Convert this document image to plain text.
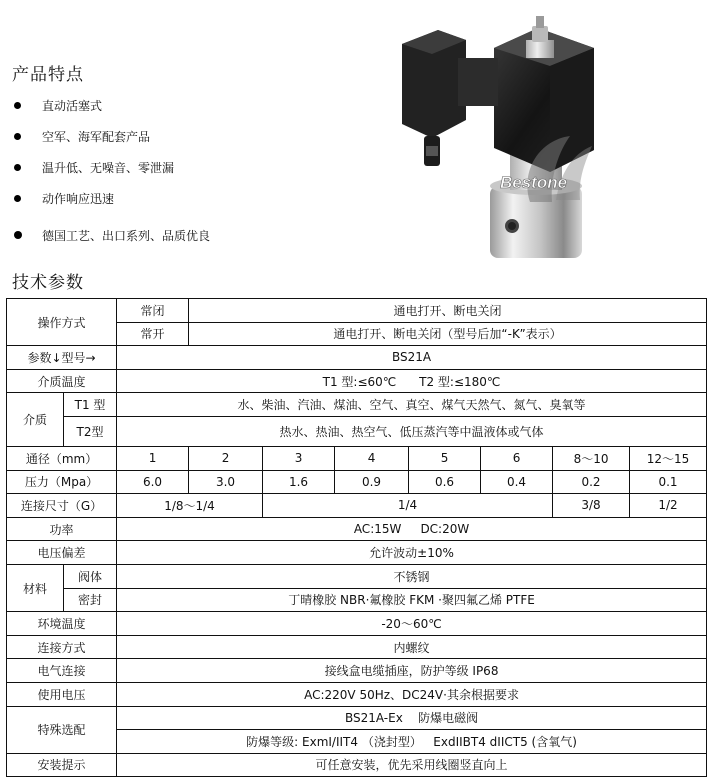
产品特点
直动活塞式
空军、海军配套产品
温升低、无噪音、零泄漏
动作响应迅速
德国工艺、出口系列、品质优良
Bestone
技术参数
操作方式		常闭	通电打开、断电关闭						
		常开	通电打开、断电关闭（型号后加“-K”表示）						
参数↓型号→		BS21A							
介质温度		T1 型:≤60℃      T2 型:≤180℃							
介质	T1 型	水、柴油、汽油、煤油、空气、真空、煤气天然气、氮气、臭氧等							
	T2型	热水、热油、热空气、低压蒸汽等中温液体或气体							
通径（mm）		1	2	3	4	5	6	8～10	12～15
压力（Mpa）		6.0	3.0	1.6	0.9	0.6	0.4	0.2	0.1
连接尺寸（G）		1/8～1/4		1/4				3/8	1/2
功率		AC:15W     DC:20W							
电压偏差		允许波动±10%							
材料	阀体	不锈钢							
	密封	丁晴橡胶 NBR·氟橡胶 FKM ·聚四氟乙烯 PTFE							
环境温度		-20～60℃							
连接方式		内螺纹							
电气连接		接线盒电缆插座，防护等级 IP68							
使用电压		AC:220V 50Hz、DC24V·其余根据要求							
特殊选配		BS21A-Ex    防爆电磁阀							
		防爆等级: ExmI/IIT4 （浇封型）   ExdIIBT4 dIICT5 (含氧气)							
安装提示		可任意安装，优先采用线圈竖直向上							
